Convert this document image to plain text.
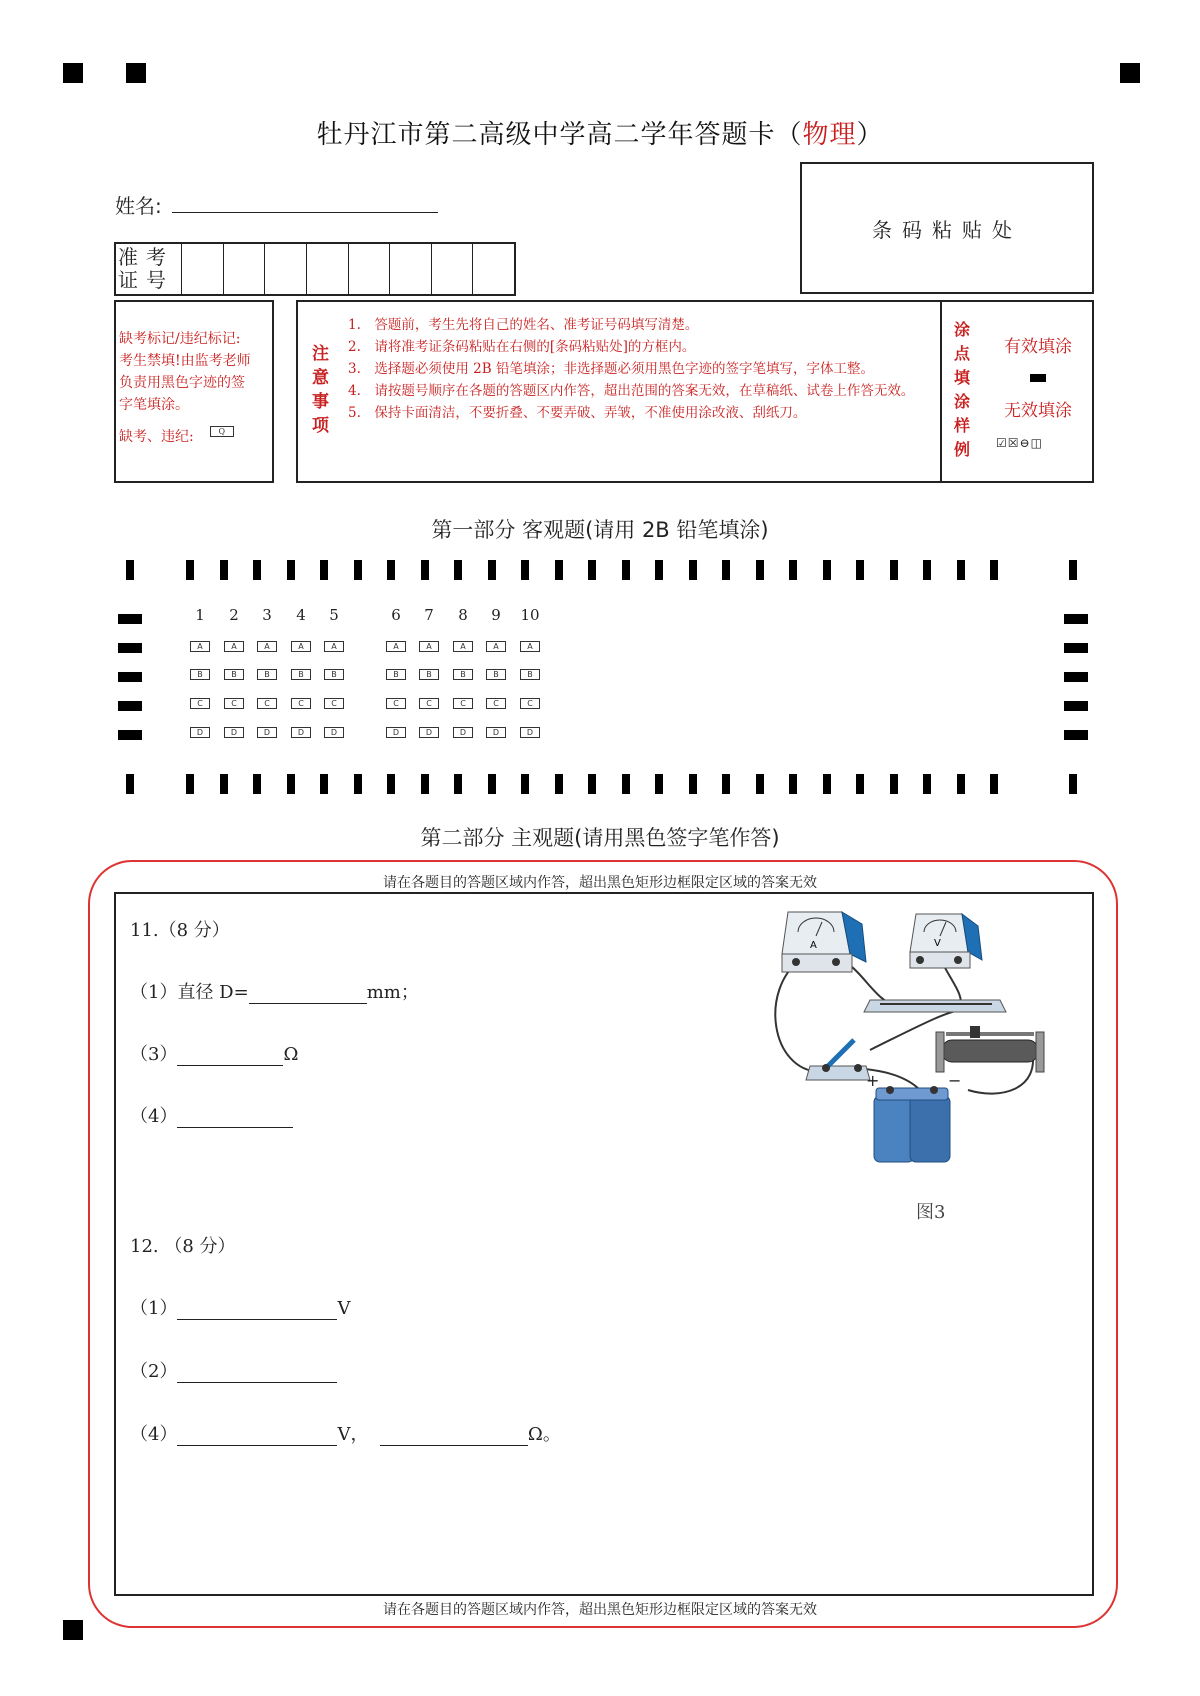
牡丹江市第二高级中学高二学年答题卡（物理）
条码粘贴处
姓名:
准考证号
缺考标记/违纪标记:
考生禁填!由监考老师
负责用黑色字迹的签
字笔填涂。
缺考、违纪:	Q
注意事项
1.　答题前，考生先将自己的姓名、准考证号码填写清楚。
2.　请将准考证条码粘贴在右侧的[条码粘贴处]的方框内。
3.　选择题必须使用 2B 铅笔填涂；非选择题必须用黑色字迹的签字笔填写，字体工整。
4.　请按题号顺序在各题的答题区内作答，超出范围的答案无效，在草稿纸、试卷上作答无效。
5.　保持卡面清洁，不要折叠、不要弄破、弄皱，不准使用涂改液、刮纸刀。
涂点填涂样例
有效填涂
无效填涂
☑☒⊖◫
第一部分 客观题(请用 2B 铅笔填涂)
1	2	3	4	5	6	7	8	9	10
A	A	A	A	A	A	A	A	A	A
B	B	B	B	B	B	B	B	B	B
C	C	C	C	C	C	C	C	C	C
D	D	D	D	D	D	D	D	D	D
第二部分 主观题(请用黑色签字笔作答)
请在各题目的答题区域内作答，超出黑色矩形边框限定区域的答案无效
请在各题目的答题区域内作答，超出黑色矩形边框限定区域的答案无效
11.（8 分）
（1）直径 D=	mm；
（3）	Ω
（4）
12. （8 分）
（1）	V
（2）
（4）	V，	Ω。
A	V
+	−
图3
